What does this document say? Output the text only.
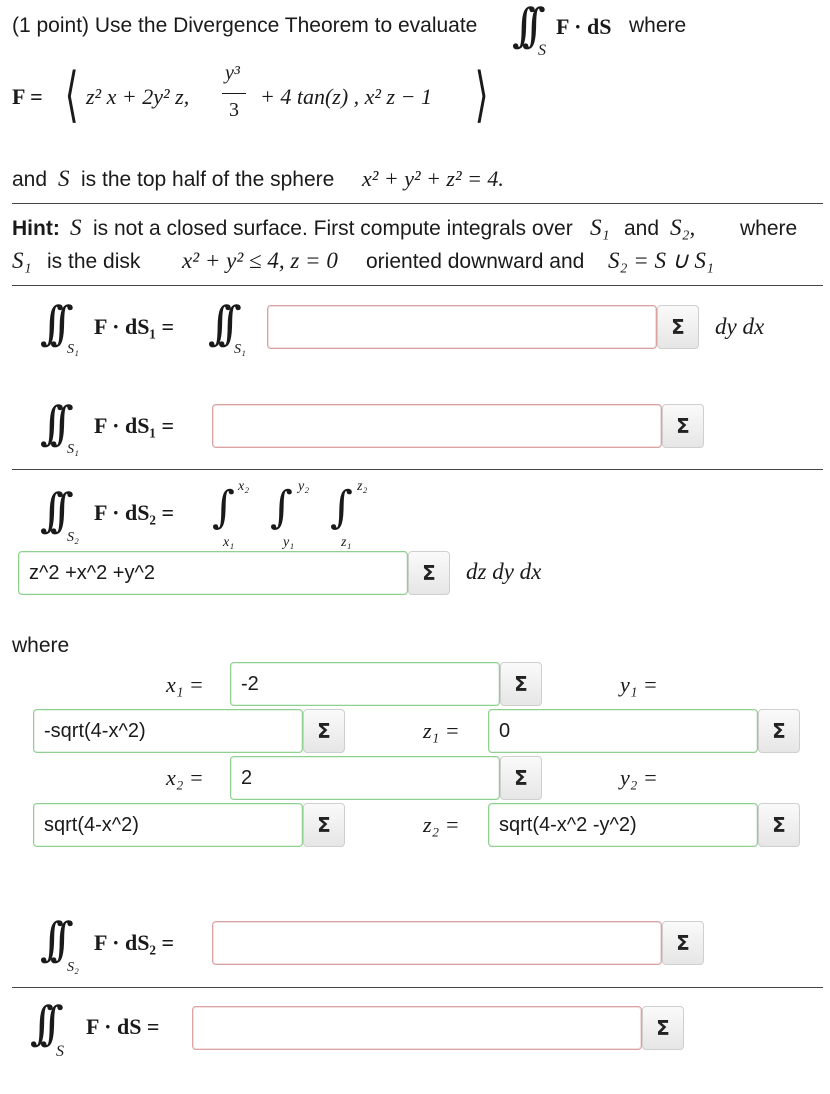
(1 point) Use the Divergence Theorem to evaluate ∫∫ S
F · dS where
F = ⟨ z² x + 2y² z,
y³
3
+ 4 tan(z) , x² z − 1 ⟩
and S is the top half of the sphere x² + y² + z² = 4.
Hint: S is not a closed surface. First compute integrals over S₁ and S₂, where
S₁ is the disk x² + y² ≤ 4, z = 0 oriented downward and S₂ = S ∪ S₁
∫∫ S₁
F · dS₁ = ∫∫ S₁
Σ	dy dx
∫∫ S₁
F · dS₁ =	Σ
∫∫
S₂
F · dS₂ = ∫ x₂
x₁
∫ y₂
y₁
∫ z₂
z₁
z^2 +x^2 +y^2
Σ	dz dy dx
where
x₁ =
-2	Σ	y₁ =
-sqrt(4-x^2)
Σ	z₁ =
0	Σ
x₂ =
2	Σ	y₂ =
sqrt(4-x^2)
Σ	z₂ =
sqrt(4-x^2 -y^2)	Σ
∫∫
S₂
F · dS₂ =	Σ
∫∫
S
F · dS =	Σ
